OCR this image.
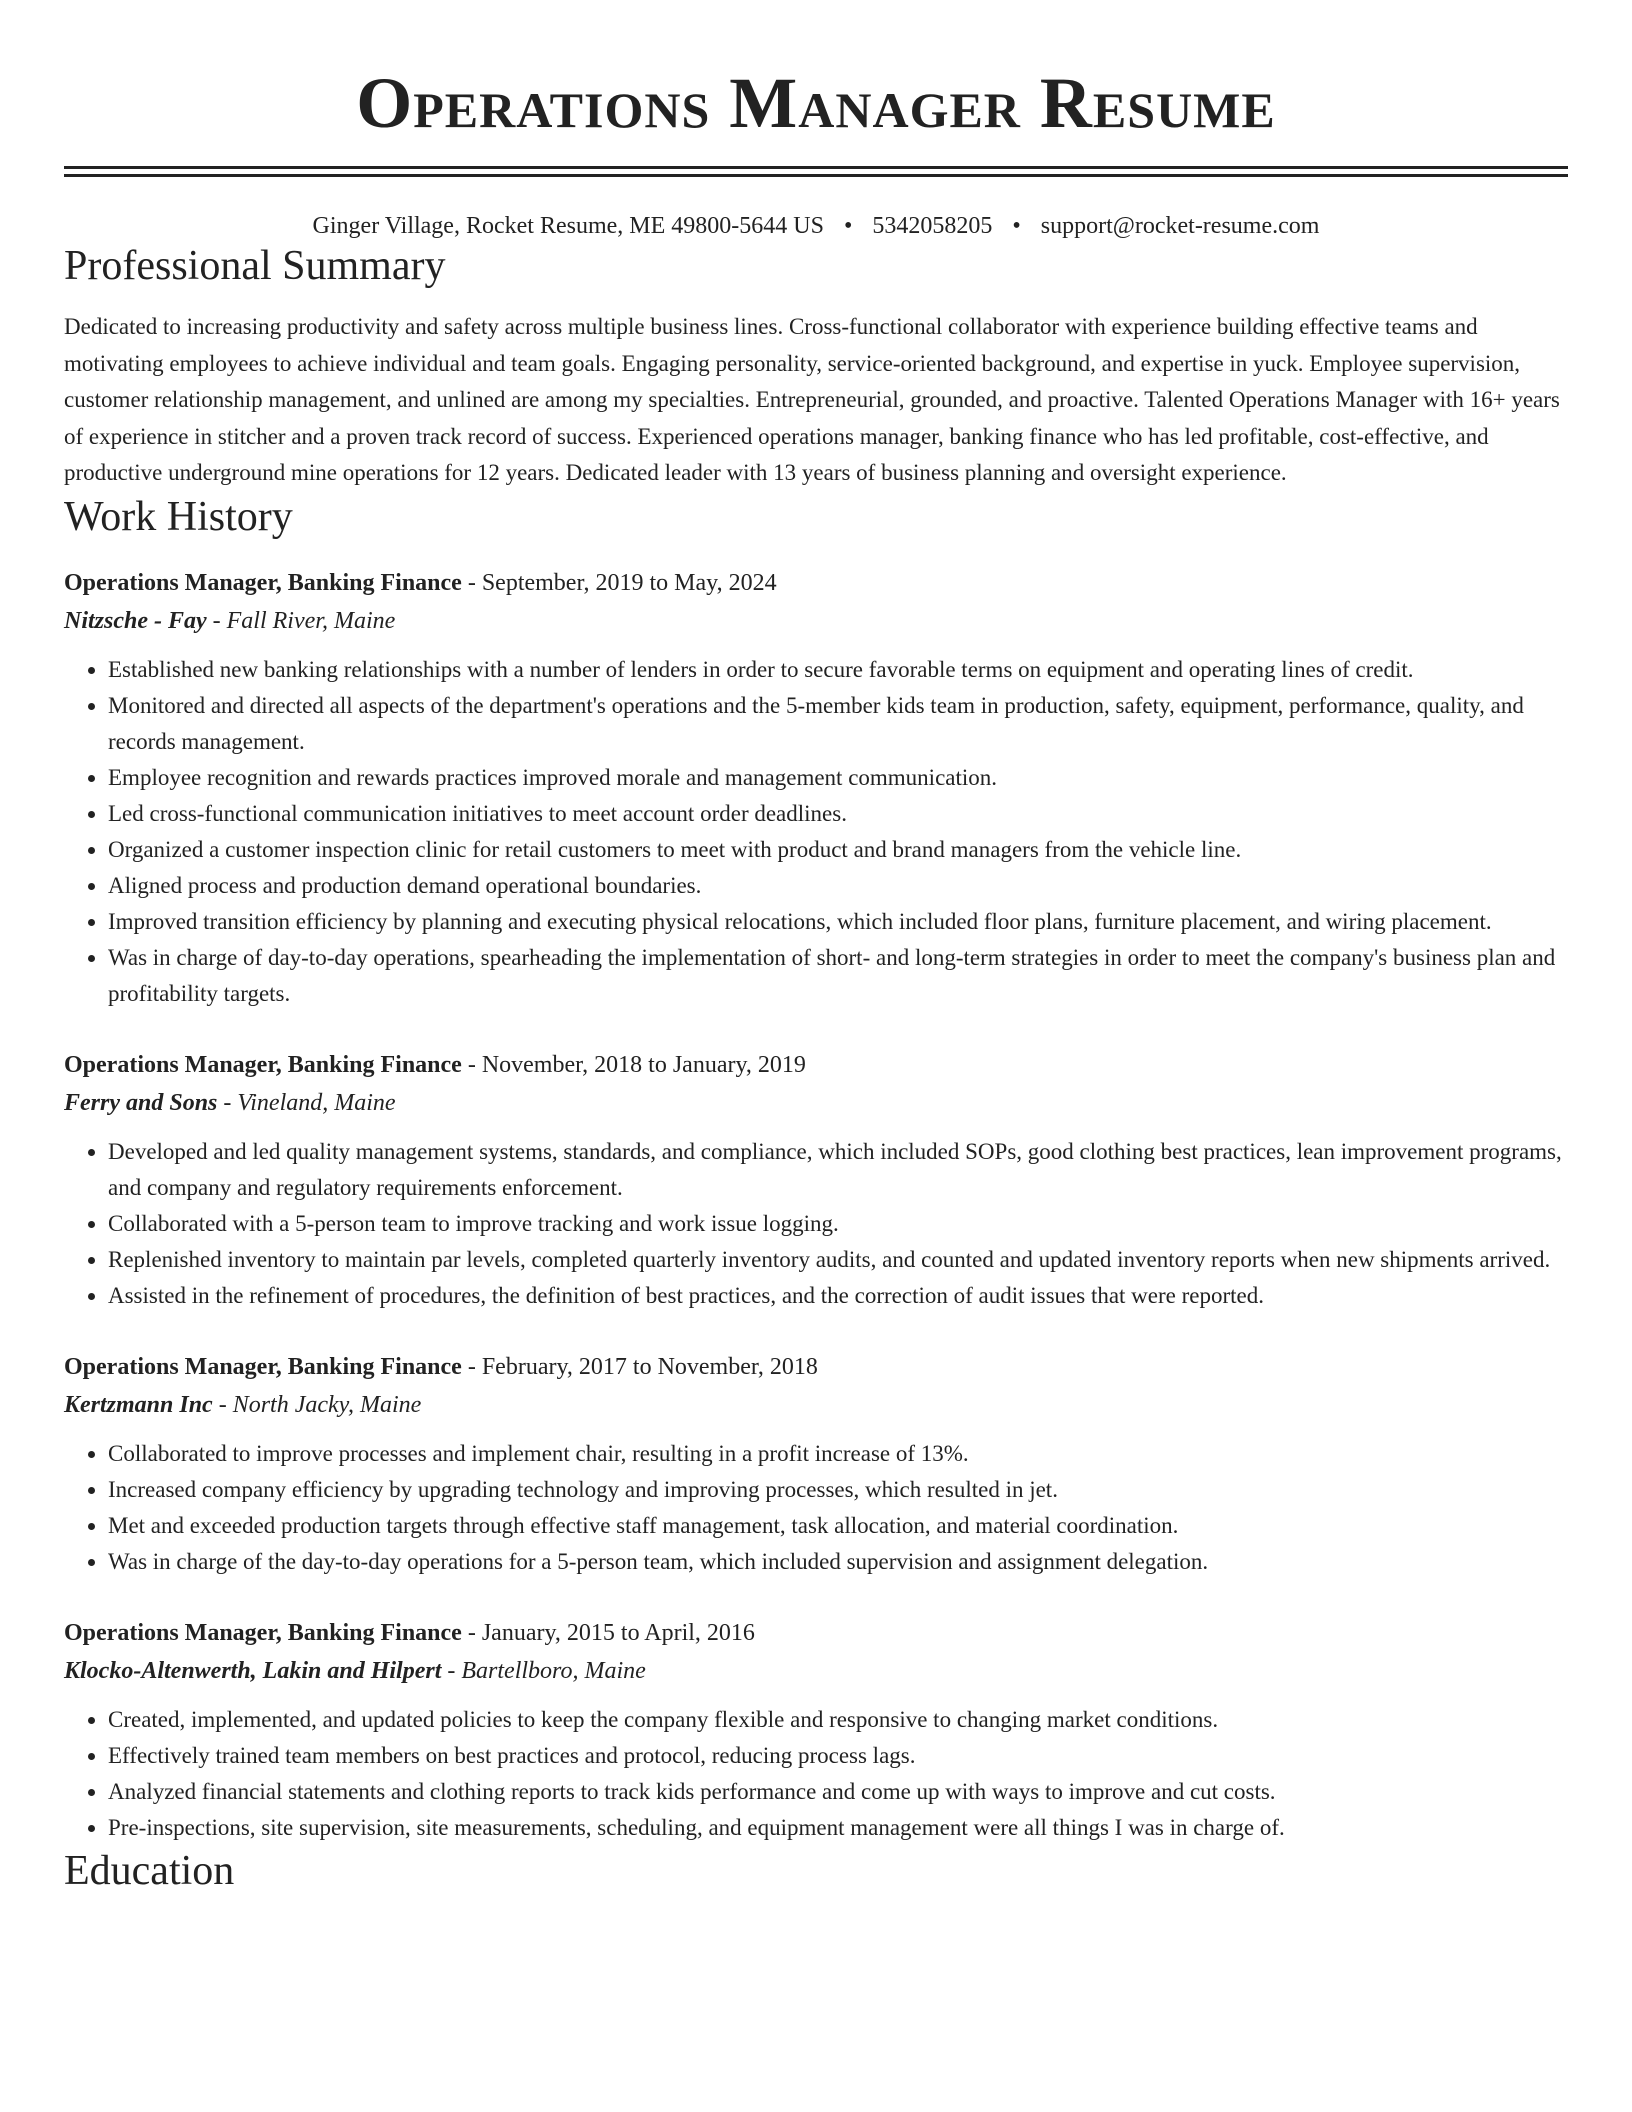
Operations Manager Resume
Ginger Village, Rocket Resume, ME 49800-5644 US • 5342058205 • support@rocket-resume.com
Professional Summary
Dedicated to increasing productivity and safety across multiple business lines. Cross-functional collaborator with experience building effective teams and motivating employees to achieve individual and team goals. Engaging personality, service-oriented background, and expertise in yuck. Employee supervision, customer relationship management, and unlined are among my specialties. Entrepreneurial, grounded, and proactive. Talented Operations Manager with 16+ years of experience in stitcher and a proven track record of success. Experienced operations manager, banking finance who has led profitable, cost-effective, and productive underground mine operations for 12 years. Dedicated leader with 13 years of business planning and oversight experience.
Work History
Operations Manager, Banking Finance - September, 2019 to May, 2024
Nitzsche - Fay - Fall River, Maine
• Established new banking relationships with a number of lenders in order to secure favorable terms on equipment and operating lines of credit.
• Monitored and directed all aspects of the department's operations and the 5-member kids team in production, safety, equipment, performance, quality, and records management.
• Employee recognition and rewards practices improved morale and management communication.
• Led cross-functional communication initiatives to meet account order deadlines.
• Organized a customer inspection clinic for retail customers to meet with product and brand managers from the vehicle line.
• Aligned process and production demand operational boundaries.
• Improved transition efficiency by planning and executing physical relocations, which included floor plans, furniture placement, and wiring placement.
• Was in charge of day-to-day operations, spearheading the implementation of short- and long-term strategies in order to meet the company's business plan and profitability targets.
Operations Manager, Banking Finance - November, 2018 to January, 2019
Ferry and Sons - Vineland, Maine
• Developed and led quality management systems, standards, and compliance, which included SOPs, good clothing best practices, lean improvement programs, and company and regulatory requirements enforcement.
• Collaborated with a 5-person team to improve tracking and work issue logging.
• Replenished inventory to maintain par levels, completed quarterly inventory audits, and counted and updated inventory reports when new shipments arrived.
• Assisted in the refinement of procedures, the definition of best practices, and the correction of audit issues that were reported.
Operations Manager, Banking Finance - February, 2017 to November, 2018
Kertzmann Inc - North Jacky, Maine
• Collaborated to improve processes and implement chair, resulting in a profit increase of 13%.
• Increased company efficiency by upgrading technology and improving processes, which resulted in jet.
• Met and exceeded production targets through effective staff management, task allocation, and material coordination.
• Was in charge of the day-to-day operations for a 5-person team, which included supervision and assignment delegation.
Operations Manager, Banking Finance - January, 2015 to April, 2016
Klocko-Altenwerth, Lakin and Hilpert - Bartellboro, Maine
• Created, implemented, and updated policies to keep the company flexible and responsive to changing market conditions.
• Effectively trained team members on best practices and protocol, reducing process lags.
• Analyzed financial statements and clothing reports to track kids performance and come up with ways to improve and cut costs.
• Pre-inspections, site supervision, site measurements, scheduling, and equipment management were all things I was in charge of.
Education
